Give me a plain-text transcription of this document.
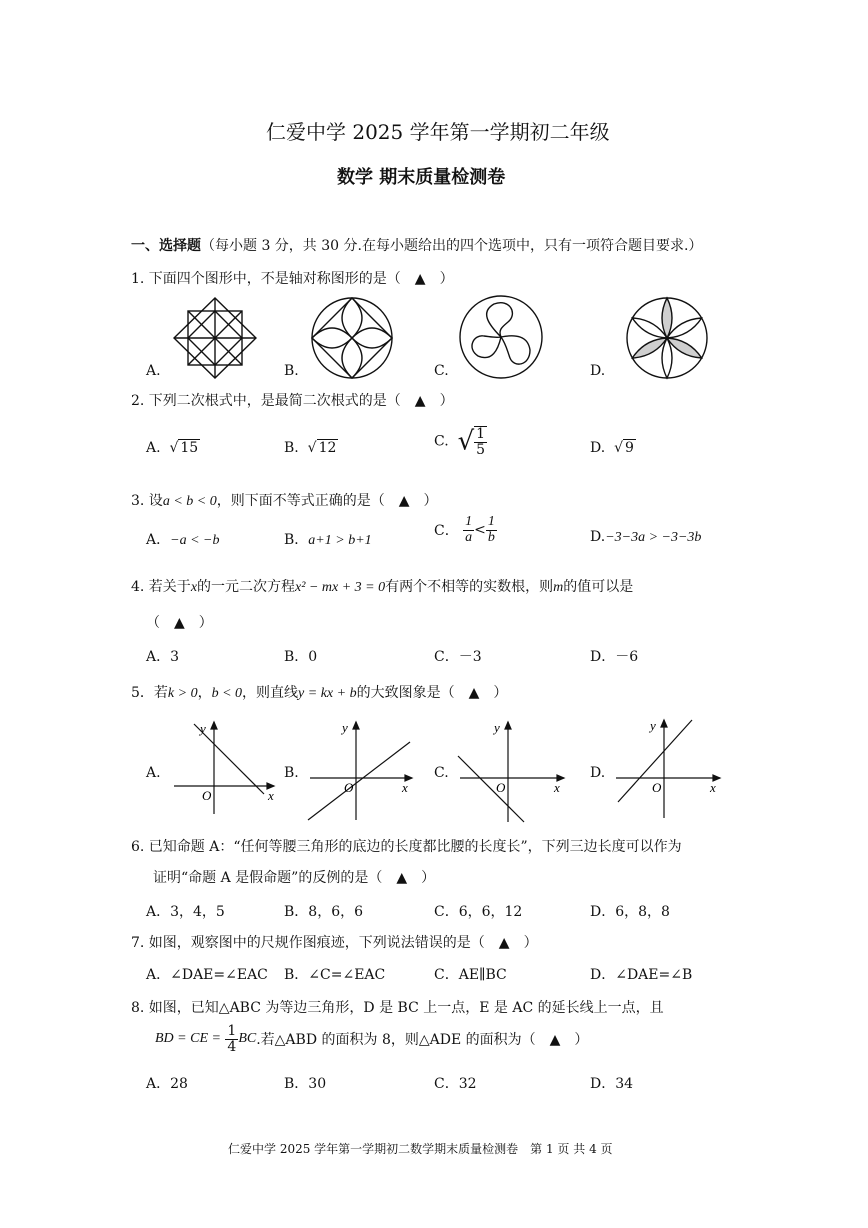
仁爱中学 2025 学年第一学期初二年级
数学 期末质量检测卷
一、选择题（每小题 3 分，共 30 分.在每小题给出的四个选项中，只有一项符合题目要求.）
1. 下面四个图形中，不是轴对称图形的是（　▲　）
A.	B.	C.	D.
2. 下列二次根式中，是最简二次根式的是（　▲　）
A. √ 15	B. √ 12	C. √ $\frac{1}{5}$	D. √ 9
3. 设a < b < 0，则下面不等式正确的是（　▲　）
A．−a < −b	B．a+1 > b+1
C． $\frac{1}{a} < \frac{1}{b}$	D.−3−3a > −3−3b
4. 若关于x的一元二次方程x² − mx + 3 = 0有两个不相等的实数根，则m的值可以是
（　▲　）
A．3	B．0	C．－3	D．－6
5．若k > 0，b < 0，则直线y = kx + b的大致图象是（　▲　）
A.	B.	C.	D.
y
x
O
y
x
O
y
x
O
y
x
O
6. 已知命题 A：“任何等腰三角形的底边的长度都比腰的长度长”，下列三边长度可以作为
证明“命题 A 是假命题”的反例的是（　▲　）
A．3，4，5	B．8，6，6	C．6，6，12	D．6，8，8
7. 如图，观察图中的尺规作图痕迹，下列说法错误的是（　▲　）
A．∠DAE=∠EAC B．∠C=∠EAC	C．AE∥BC	D．∠DAE=∠B
8. 如图，已知△ABC 为等边三角形，D 是 BC 上一点，E 是 AC 的延长线上一点，且
BD = CE = $\frac{1}{4}$ BC.若△ABD 的面积为 8，则△ADE 的面积为（　▲　）
A．28	B．30	C．32	D．34
仁爱中学 2025 学年第一学期初二数学期末质量检测卷　第 1 页 共 4 页
